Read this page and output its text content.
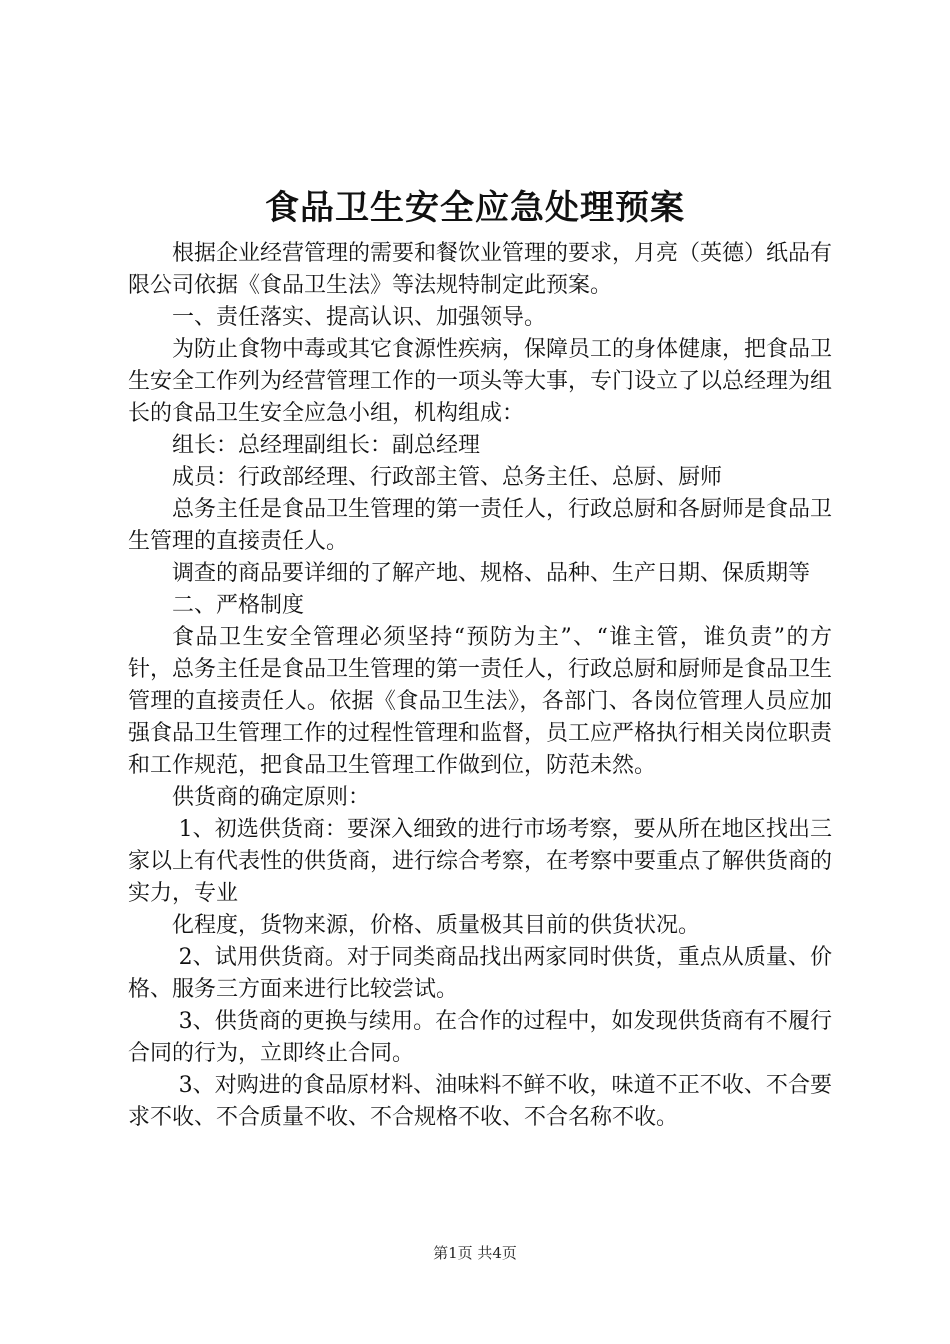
食品卫生安全应急处理预案

根据企业经营管理的需要和餐饮业管理的要求，月亮（英德）纸品有限公司依据《食品卫生法》等法规特制定此预案。

一、责任落实、提高认识、加强领导。

为防止食物中毒或其它食源性疾病，保障员工的身体健康，把食品卫生安全工作列为经营管理工作的一项头等大事，专门设立了以总经理为组长的食品卫生安全应急小组，机构组成：

组长：总经理副组长：副总经理

成员：行政部经理、行政部主管、总务主任、总厨、厨师

总务主任是食品卫生管理的第一责任人，行政总厨和各厨师是食品卫生管理的直接责任人。

调查的商品要详细的了解产地、规格、品种、生产日期、保质期等

二、严格制度

食品卫生安全管理必须坚持“预防为主”、“谁主管，谁负责”的方针，总务主任是食品卫生管理的第一责任人，行政总厨和厨师是食品卫生管理的直接责任人。依据《食品卫生法》，各部门、各岗位管理人员应加强食品卫生管理工作的过程性管理和监督，员工应严格执行相关岗位职责和工作规范，把食品卫生管理工作做到位，防范未然。

供货商的确定原则：

1、初选供货商：要深入细致的进行市场考察，要从所在地区找出三家以上有代表性的供货商，进行综合考察，在考察中要重点了解供货商的实力，专业

化程度，货物来源，价格、质量极其目前的供货状况。

2、试用供货商。对于同类商品找出两家同时供货，重点从质量、价格、服务三方面来进行比较尝试。

3、供货商的更换与续用。在合作的过程中，如发现供货商有不履行合同的行为，立即终止合同。

3、对购进的食品原材料、油味料不鲜不收，味道不正不收、不合要求不收、不合质量不收、不合规格不收、不合名称不收。

第1页 共4页
